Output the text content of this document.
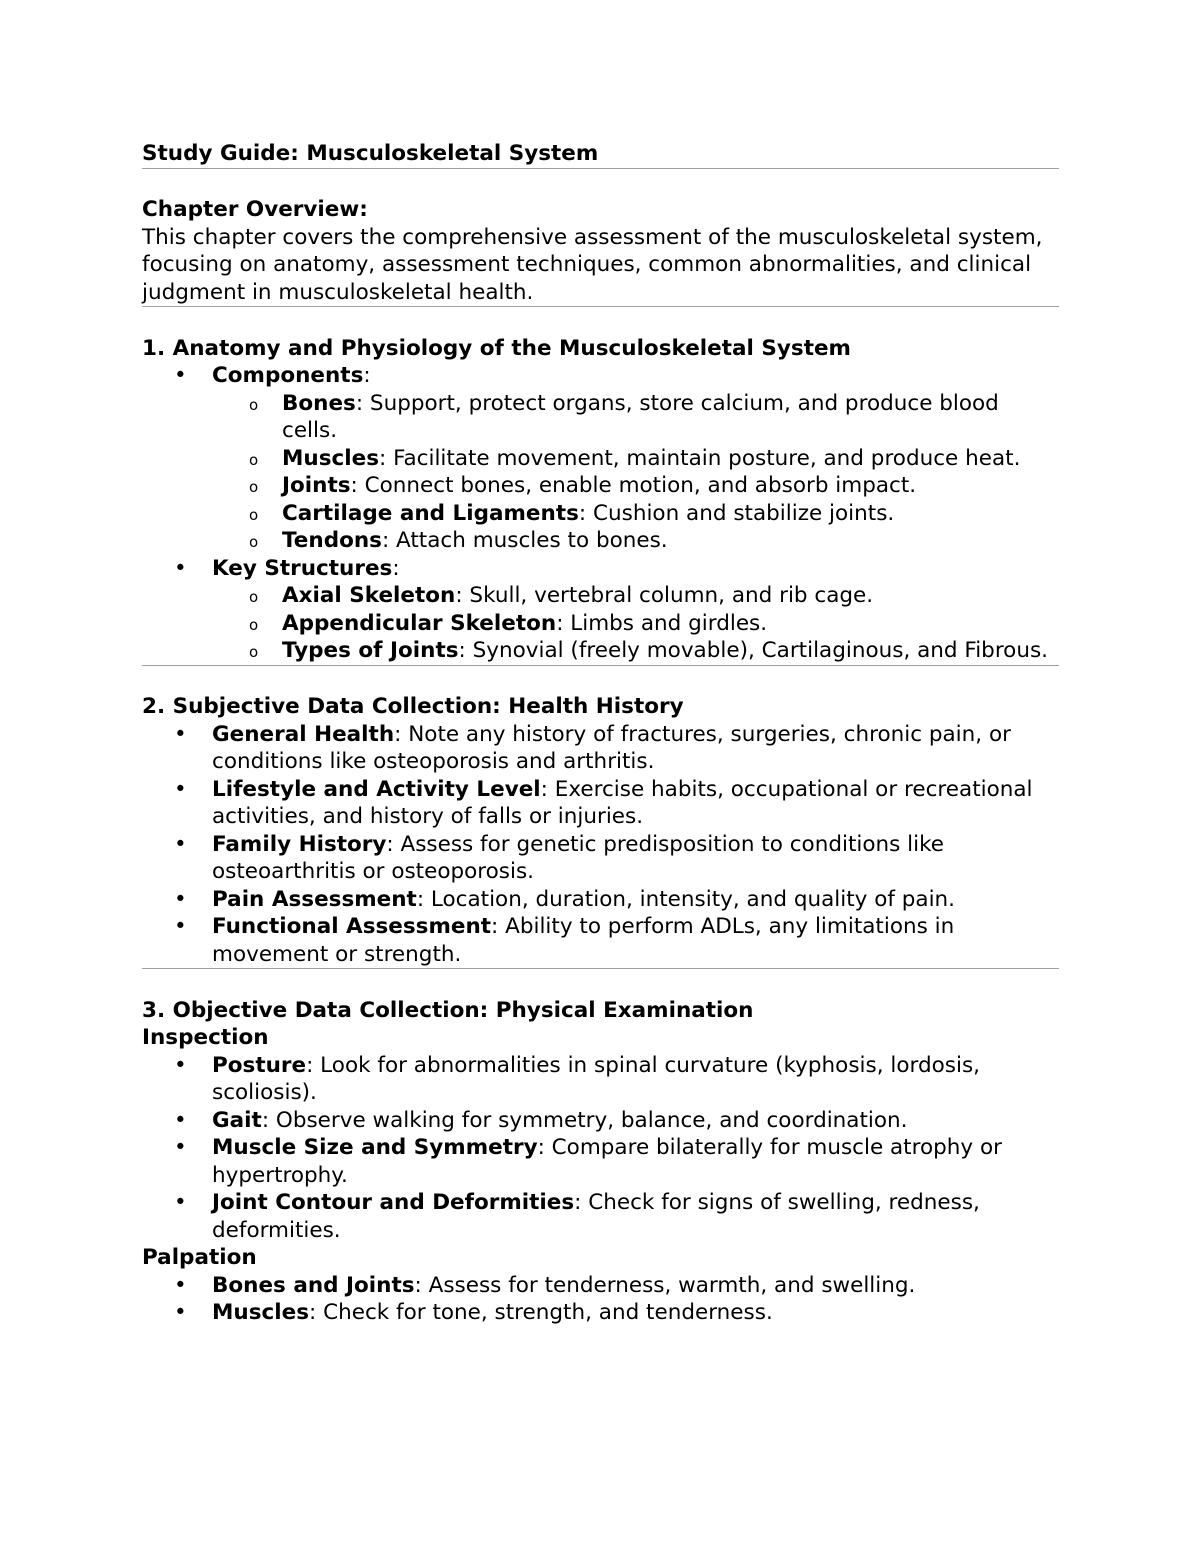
Study Guide: Musculoskeletal System
Chapter Overview:
This chapter covers the comprehensive assessment of the musculoskeletal system, focusing on anatomy, assessment techniques, common abnormalities, and clinical judgment in musculoskeletal health.
1. Anatomy and Physiology of the Musculoskeletal System
• Components:
o Bones: Support, protect organs, store calcium, and produce blood cells.
o Muscles: Facilitate movement, maintain posture, and produce heat.
o Joints: Connect bones, enable motion, and absorb impact.
o Cartilage and Ligaments: Cushion and stabilize joints.
o Tendons: Attach muscles to bones.
• Key Structures:
o Axial Skeleton: Skull, vertebral column, and rib cage.
o Appendicular Skeleton: Limbs and girdles.
o Types of Joints: Synovial (freely movable), Cartilaginous, and Fibrous.
2. Subjective Data Collection: Health History
• General Health: Note any history of fractures, surgeries, chronic pain, or conditions like osteoporosis and arthritis.
• Lifestyle and Activity Level: Exercise habits, occupational or recreational activities, and history of falls or injuries.
• Family History: Assess for genetic predisposition to conditions like osteoarthritis or osteoporosis.
• Pain Assessment: Location, duration, intensity, and quality of pain.
• Functional Assessment: Ability to perform ADLs, any limitations in movement or strength.
3. Objective Data Collection: Physical Examination
Inspection
• Posture: Look for abnormalities in spinal curvature (kyphosis, lordosis, scoliosis).
• Gait: Observe walking for symmetry, balance, and coordination.
• Muscle Size and Symmetry: Compare bilaterally for muscle atrophy or hypertrophy.
• Joint Contour and Deformities: Check for signs of swelling, redness, deformities.
Palpation
• Bones and Joints: Assess for tenderness, warmth, and swelling.
• Muscles: Check for tone, strength, and tenderness.
